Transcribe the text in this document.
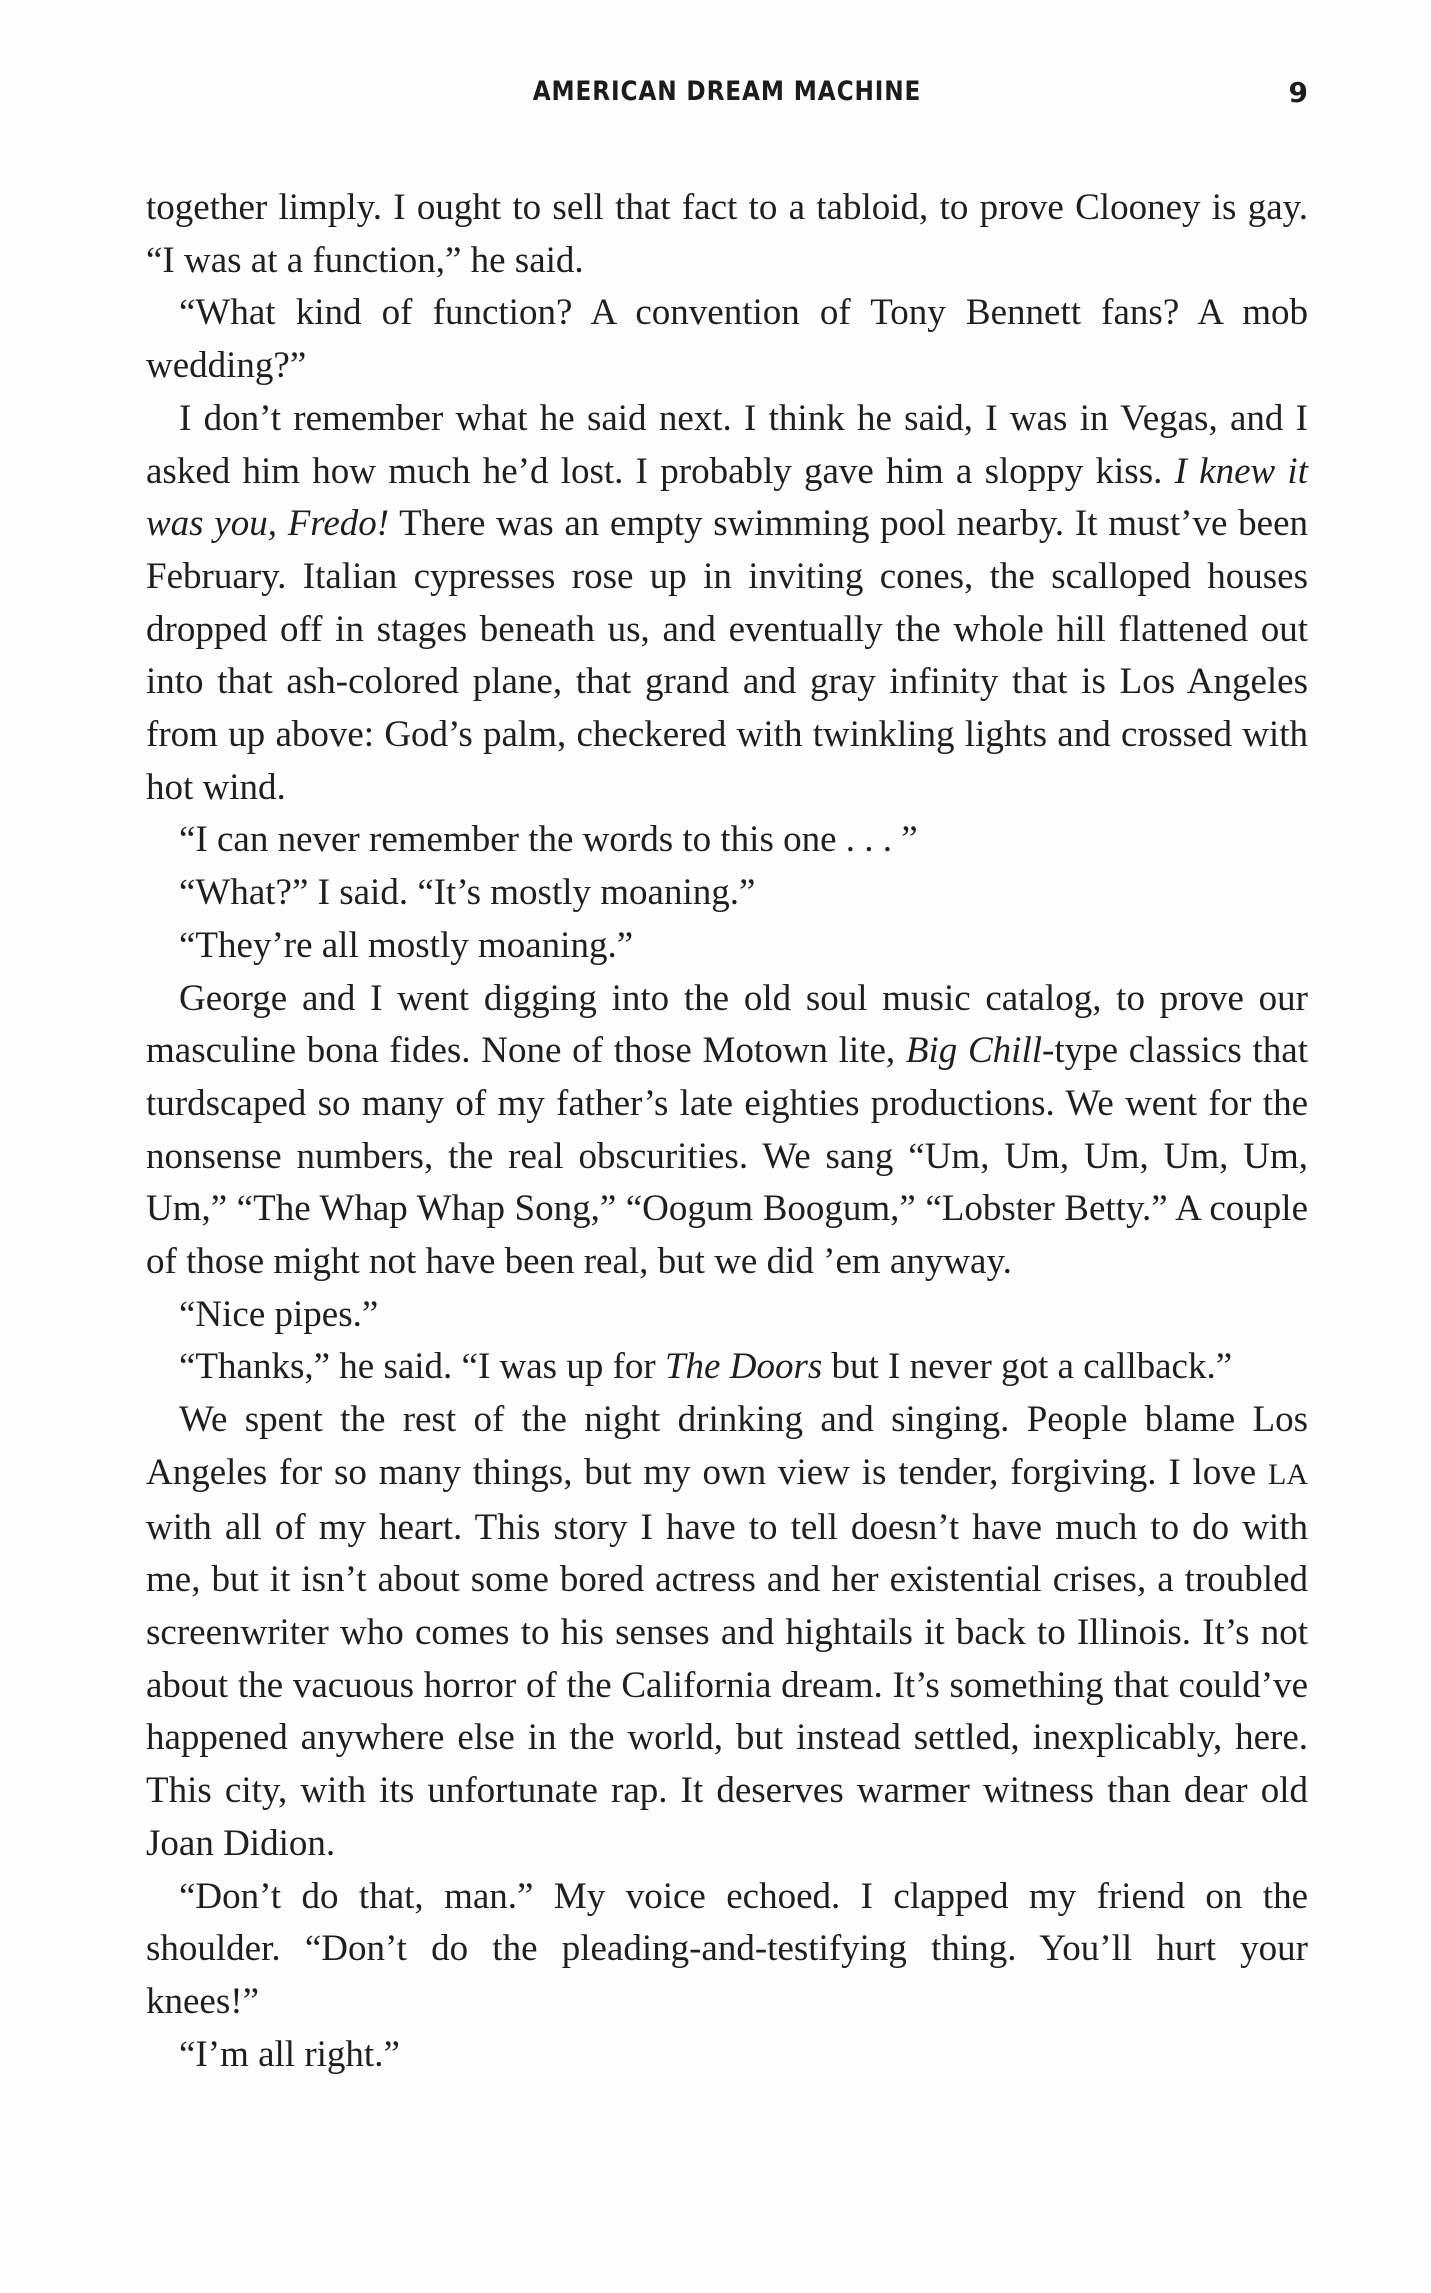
AMERICAN DREAM MACHINE	9

together limply. I ought to sell that fact to a tabloid, to prove Clooney is gay. “I was at a function,” he said.

“What kind of function? A convention of Tony Bennett fans? A mob wedding?”

I don’t remember what he said next. I think he said, I was in Vegas, and I asked him how much he’d lost. I probably gave him a sloppy kiss. I knew it was you, Fredo! There was an empty swimming pool nearby. It must’ve been February. Italian cypresses rose up in inviting cones, the scalloped houses dropped off in stages beneath us, and eventually the whole hill flattened out into that ash-colored plane, that grand and gray infinity that is Los Angeles from up above: God’s palm, checkered with twinkling lights and crossed with hot wind.

“I can never remember the words to this one . . . ”

“What?” I said. “It’s mostly moaning.”

“They’re all mostly moaning.”

George and I went digging into the old soul music catalog, to prove our masculine bona fides. None of those Motown lite, Big Chill-type classics that turdscaped so many of my father’s late eighties productions. We went for the nonsense numbers, the real obscurities. We sang “Um, Um, Um, Um, Um, Um,” “The Whap Whap Song,” “Oogum Boogum,” “Lobster Betty.” A couple of those might not have been real, but we did ’em anyway.

“Nice pipes.”

“Thanks,” he said. “I was up for The Doors but I never got a callback.”

We spent the rest of the night drinking and singing. People blame Los Angeles for so many things, but my own view is tender, forgiving. I love LA with all of my heart. This story I have to tell doesn’t have much to do with me, but it isn’t about some bored actress and her existential crises, a troubled screenwriter who comes to his senses and hightails it back to Illinois. It’s not about the vacuous horror of the California dream. It’s something that could’ve happened anywhere else in the world, but instead settled, inexplicably, here. This city, with its unfortunate rap. It deserves warmer witness than dear old Joan Didion.

“Don’t do that, man.” My voice echoed. I clapped my friend on the shoulder. “Don’t do the pleading-and-testifying thing. You’ll hurt your knees!”

“I’m all right.”
